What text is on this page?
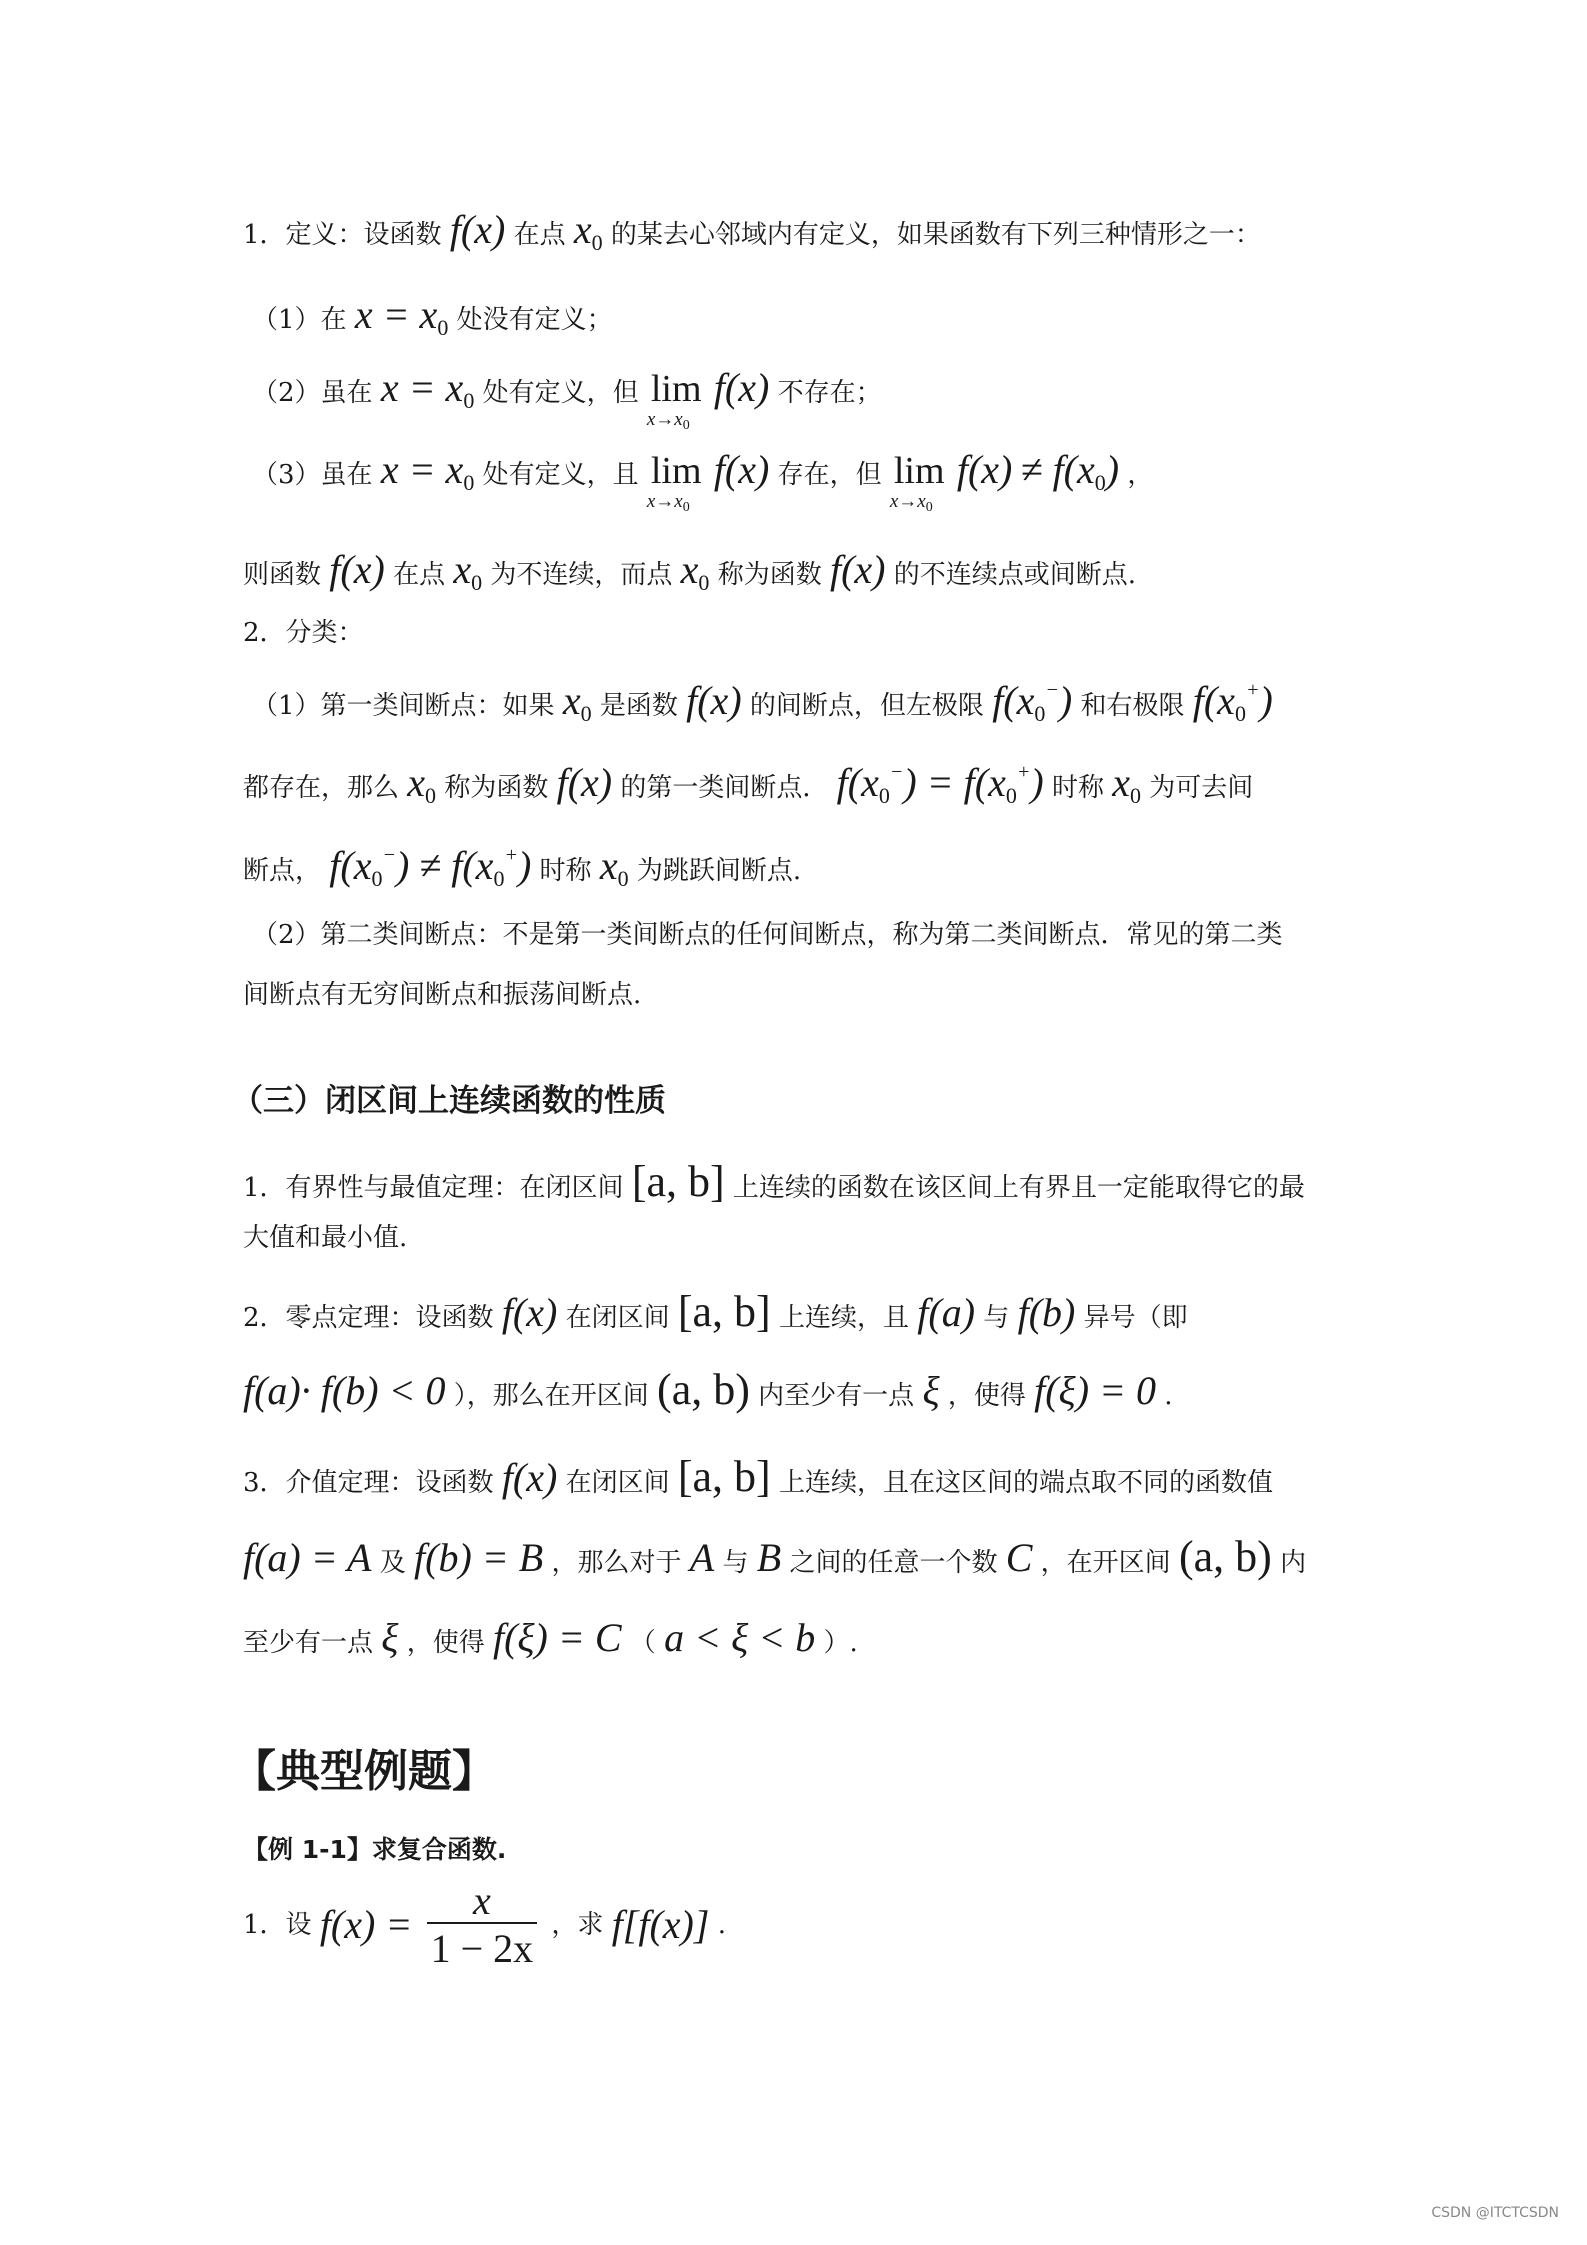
1．定义：设函数 f(x) 在点 $x_0$ 的某去心邻域内有定义，如果函数有下列三种情形之一：
（1）在 $x = x_0$ 处没有定义；
（2）虽在 $x = x_0$ 处有定义，但 lim
$x\to x_0$
f(x) 不存在；
（3）虽在 $x = x_0$ 处有定义，且 lim
$x\to x_0$
f(x) 存在，但 lim
$x\to x_0$
$f(x) \ne f(x_0)$ ，
则函数 f(x) 在点 $x_0$ 为不连续，而点 $x_0$ 称为函数 f(x) 的不连续点或间断点.
2．分类：
（1）第一类间断点：如果 $x_0$ 是函数 f(x) 的间断点，但左极限 $f(x_0^-)$ 和右极限 $f(x_0^+)$
都存在，那么 $x_0$ 称为函数 f(x) 的第一类间断点． $f(x_0^-) = f(x_0^+)$ 时称 $x_0$ 为可去间
断点， $f(x_0^-) \ne f(x_0^+)$ 时称 $x_0$ 为跳跃间断点.
（2）第二类间断点：不是第一类间断点的任何间断点，称为第二类间断点．常见的第二类
间断点有无穷间断点和振荡间断点.
（三）闭区间上连续函数的性质
1．有界性与最值定理：在闭区间 [a, b] 上连续的函数在该区间上有界且一定能取得它的最
大值和最小值.
2．零点定理：设函数 f(x) 在闭区间 [a, b] 上连续，且 f(a) 与 f(b) 异号（即
f(a)· f(b) < 0 ），那么在开区间 (a, b) 内至少有一点 ξ ，使得 f(ξ) = 0 .
3．介值定理：设函数 f(x) 在闭区间 [a, b] 上连续，且在这区间的端点取不同的函数值
f(a) = A 及 f(b) = B ，那么对于 A 与 B 之间的任意一个数 C ，在开区间 (a, b) 内
至少有一点 ξ ，使得 f(ξ) = C （ a < ξ < b ）.
【典型例题】
【例 1-1】求复合函数.
1．设 $f(x) = \frac{x}{1 - 2x}$ ，求 f[f(x)] .
CSDN @ITCTCSDN
